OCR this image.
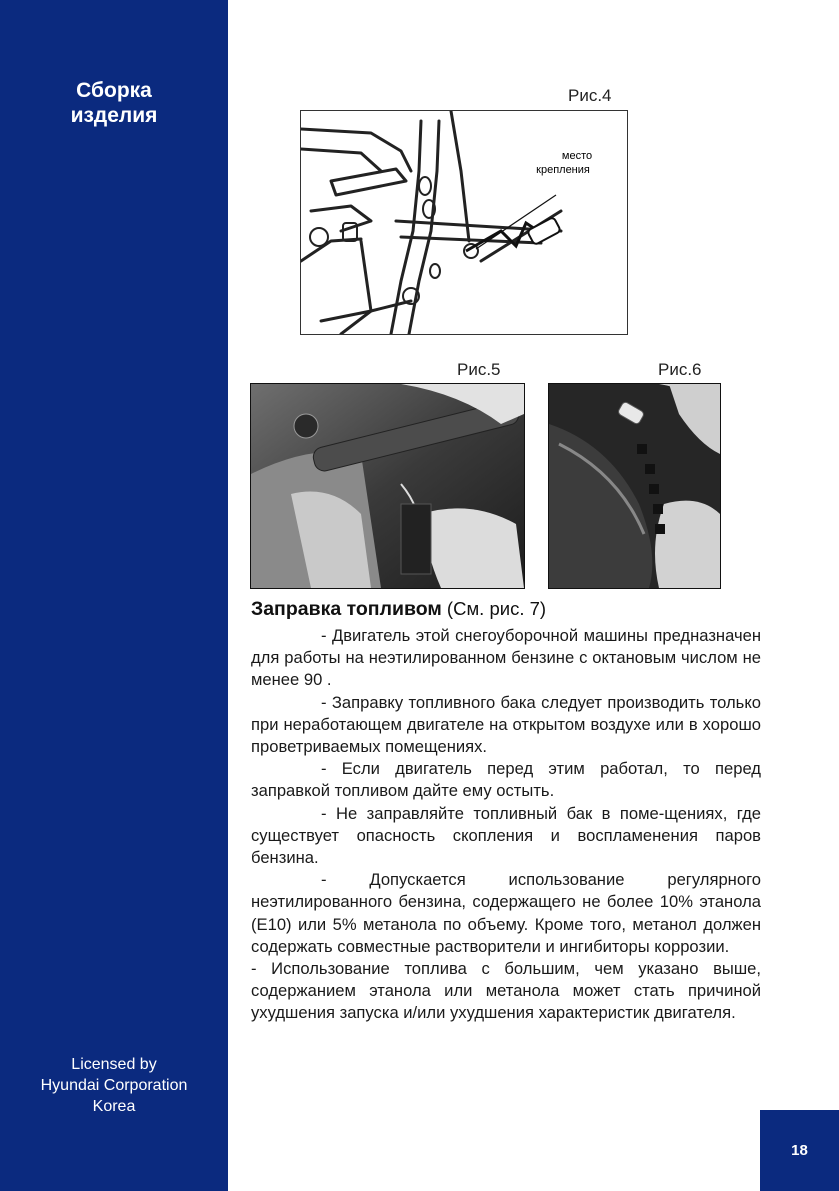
Сборка
изделия
Licensed by
Hyundai Corporation
Korea
Рис.4
место
крепления
Рис.5	Рис.6
Заправка топливом (См. рис. 7)

- Двигатель этой снегоуборочной машины предназначен для работы на неэтилированном бензине с октановым числом не менее 90 .

- Заправку топливного бака следует производить только при неработающем двигателе на открытом воздухе или в хорошо проветриваемых помещениях.

- Если двигатель перед этим работал, то перед заправкой топливом дайте ему остыть.

- Не заправляйте топливный бак в поме-щениях, где существует опасность скопления и воспламенения паров бензина.

- Допускается использование регулярного неэтилированного бензина, содержащего не более 10% этанола (E10) или 5% метанола по объему. Кроме того, метанол должен содержать совместные растворители и ингибиторы коррозии.

- Использование топлива с большим, чем указано выше, содержанием этанола или метанола может стать причиной ухудшения запуска и/или ухудшения характеристик двигателя.

18
